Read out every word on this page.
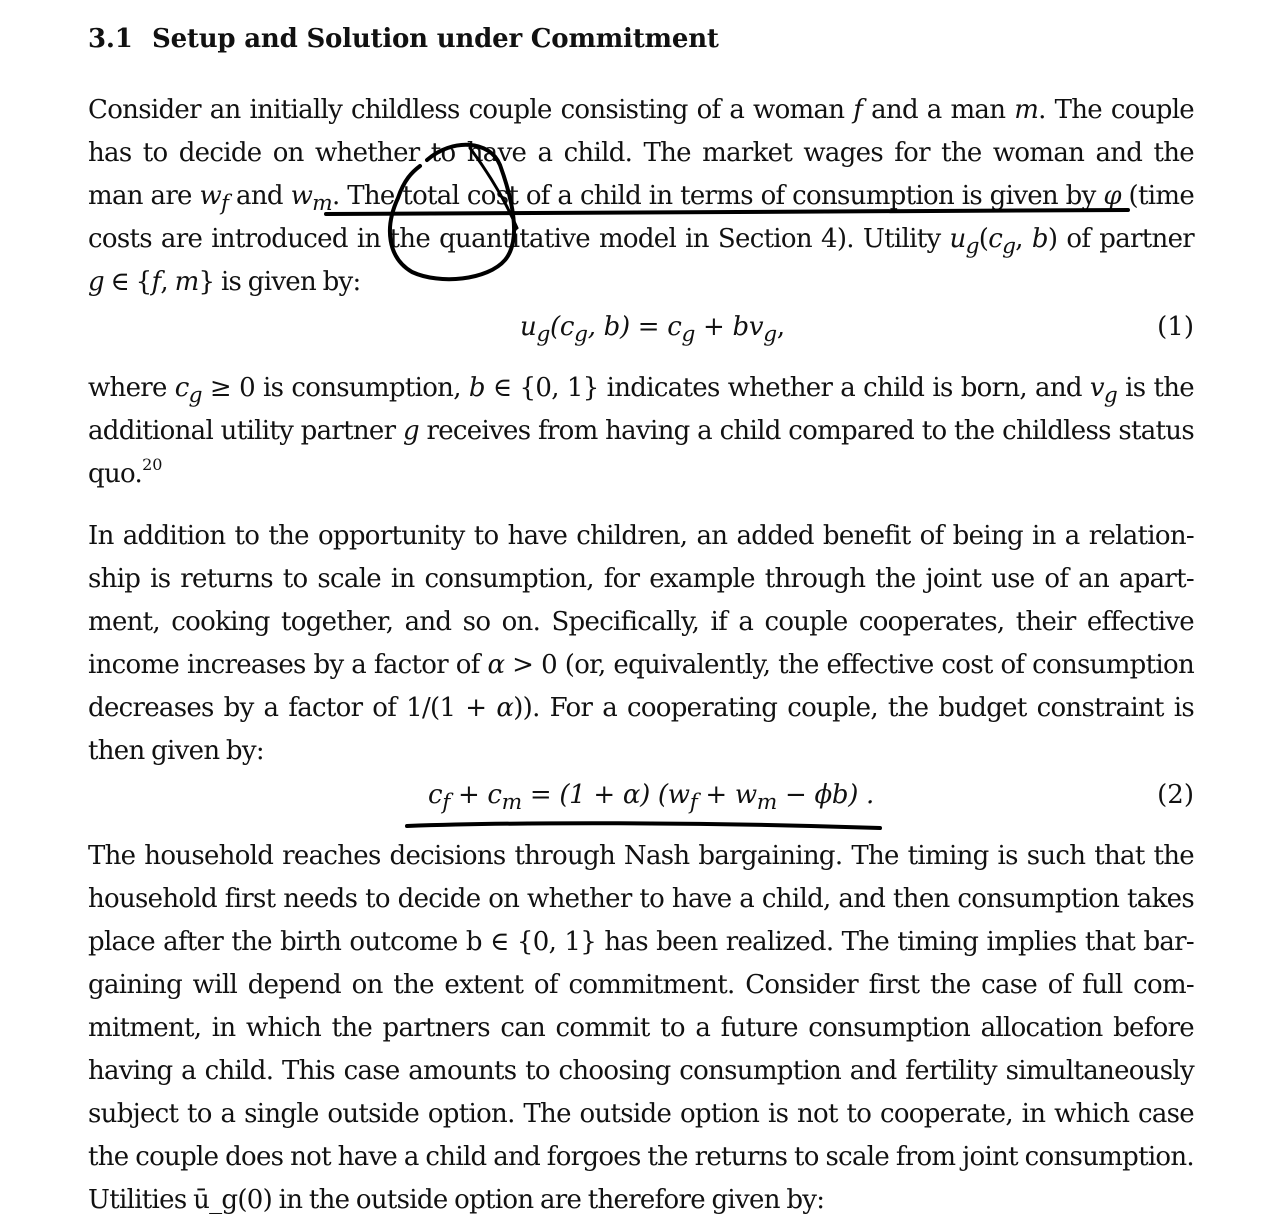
3.1 Setup and Solution under Commitment
Consider an initially childless couple consisting of a woman f and a man m. The couple
has to decide on whether to have a child. The market wages for the woman and the
man are $w_f$ and $w_m$. The total cost of a child in terms of consumption is given by φ (time
costs are introduced in the quantitative model in Section 4). Utility $u_g(c_g$, b) of partner
g ∈ {f, m} is given by:
$u_g(c_g$, $b) = c_g + bv_g$,	(1)
where $c_g \ge 0$ is consumption, b ∈ {0, 1} indicates whether a child is born, and $v_g$ is the
additional utility partner g receives from having a child compared to the childless status
quo.$^{20}$
In addition to the opportunity to have children, an added benefit of being in a relation-
ship is returns to scale in consumption, for example through the joint use of an apart-
ment, cooking together, and so on. Specifically, if a couple cooperates, their effective
income increases by a factor of α > 0 (or, equivalently, the effective cost of consumption
decreases by a factor of 1/(1 + α)). For a cooperating couple, the budget constraint is
then given by:
$c_f + c_m = (1 + \alpha) (w_f + w_m - \phi b)$ .	(2)
The household reaches decisions through Nash bargaining. The timing is such that the
household first needs to decide on whether to have a child, and then consumption takes
place after the birth outcome b ∈ {0, 1} has been realized. The timing implies that bar-
gaining will depend on the extent of commitment. Consider first the case of full com-
mitment, in which the partners can commit to a future consumption allocation before
having a child. This case amounts to choosing consumption and fertility simultaneously
subject to a single outside option. The outside option is not to cooperate, in which case
the couple does not have a child and forgoes the returns to scale from joint consumption.
Utilities ū_g(0) in the outside option are therefore given by:
